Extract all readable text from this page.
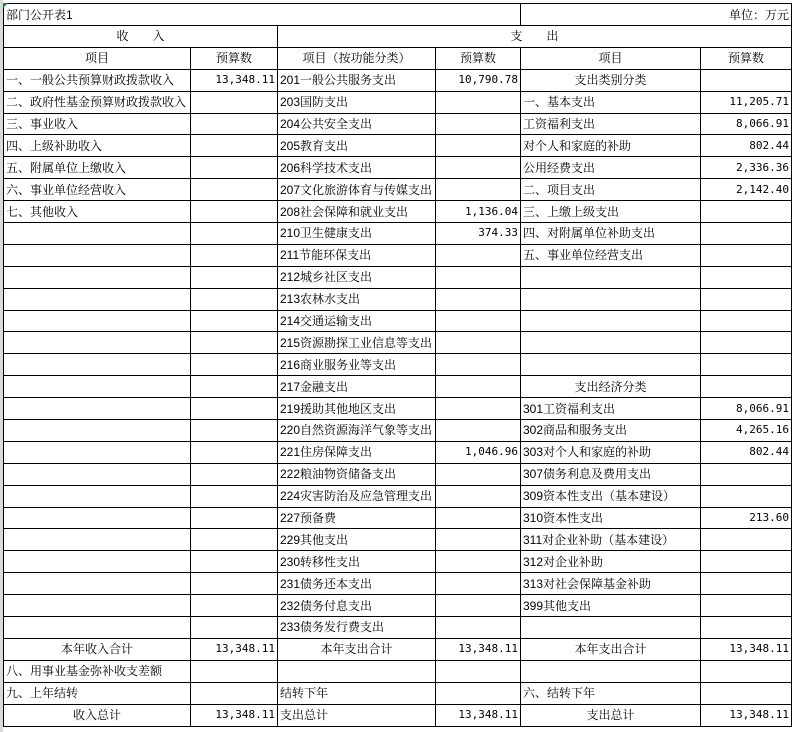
部门公开表1				单位：万元	
收　　入		支　　出			
项目	预算数	项目（按功能分类）	预算数	项目	预算数
一、一般公共预算财政拨款收入	13,348.11	201一般公共服务支出	10,790.78	支出类别分类	
二、政府性基金预算财政拨款收入		203国防支出		一、基本支出	11,205.71
三、事业收入		204公共安全支出		工资福利支出	8,066.91
四、上级补助收入		205教育支出		对个人和家庭的补助	802.44
五、附属单位上缴收入		206科学技术支出		公用经费支出	2,336.36
六、事业单位经营收入		207文化旅游体育与传媒支出		二、项目支出	2,142.40
七、其他收入		208社会保障和就业支出	1,136.04	三、上缴上级支出	
		210卫生健康支出	374.33	四、对附属单位补助支出	
		211节能环保支出		五、事业单位经营支出	
		212城乡社区支出			
		213农林水支出			
		214交通运输支出			
		215资源勘探工业信息等支出			
		216商业服务业等支出			
		217金融支出		支出经济分类	
		219援助其他地区支出		301工资福利支出	8,066.91
		220自然资源海洋气象等支出		302商品和服务支出	4,265.16
		221住房保障支出	1,046.96	303对个人和家庭的补助	802.44
		222粮油物资储备支出		307债务利息及费用支出	
		224灾害防治及应急管理支出		309资本性支出（基本建设）	
		227预备费		310资本性支出	213.60
		229其他支出		311对企业补助（基本建设）	
		230转移性支出		312对企业补助	
		231债务还本支出		313对社会保障基金补助	
		232债务付息支出		399其他支出	
		233债务发行费支出			
本年收入合计	13,348.11	本年支出合计	13,348.11	本年支出合计	13,348.11
八、用事业基金弥补收支差额					
九、上年结转		结转下年		六、结转下年	
收入总计	13,348.11	支出总计	13,348.11	支出总计	13,348.11
